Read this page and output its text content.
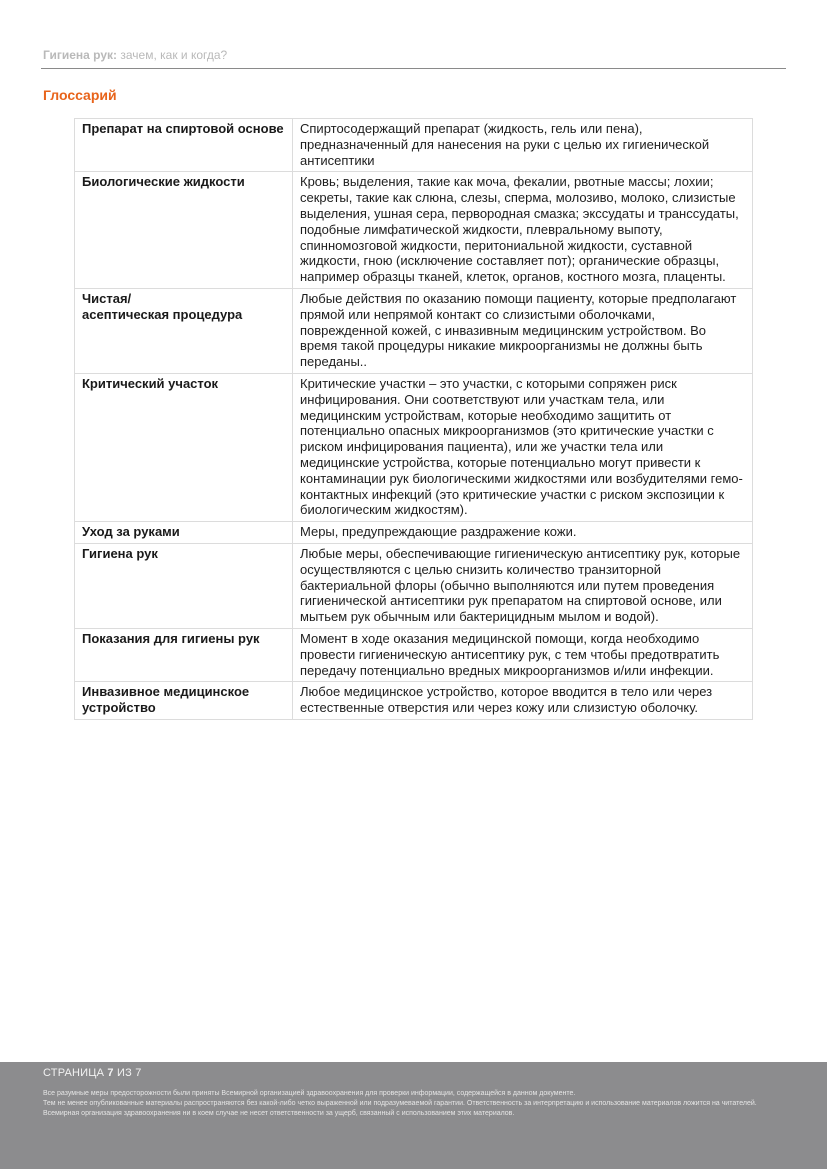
Гигиена рук: зачем, как и когда?
Глоссарий
Препарат на спиртовой основе	Спиртосодержащий препарат (жидкость, гель или пена), предназначенный для нанесения на руки с целью их гигиенической антисептики
Биологические жидкости	Кровь; выделения, такие как моча, фекалии, рвотные массы; лохии; секреты, такие как слюна, слезы, сперма, молозиво, молоко, слизистые выделения, ушная сера, первородная смазка; экссудаты и транссудаты, подобные лимфатической жидкости, плевральному выпоту, спинномозговой жидкости, перитониальной жидкости, суставной жидкости, гною (исключение составляет пот); органические образцы, например образцы тканей, клеток, органов, костного мозга, плаценты.
Чистая/
асептическая процедура	Любые действия по оказанию помощи пациенту, которые предполагают прямой или непрямой контакт со слизистыми оболочками, поврежденной кожей, с инвазивным медицинским устройством. Во время такой процедуры никакие микроорганизмы не должны быть переданы..
Критический участок	Критические участки – это участки, с которыми сопряжен риск инфицирования. Они соответствуют или участкам тела, или медицинским устройствам, которые необходимо защитить от потенциально опасных микроорганизмов (это критические участки с риском инфицирования пациента), или же участки тела или медицинские устройства, которые потенциально могут привести к контаминации рук биологическими жидкостями или возбудителями гемо-контактных инфекций (это критические участки с риском экспозиции к биологическим жидкостям).
Уход за руками	Меры, предупреждающие раздражение кожи.
Гигиена рук	Любые меры, обеспечивающие гигиеническую антисептику рук, которые осуществляются с целью снизить количество транзиторной бактериальной флоры (обычно выполняются или путем проведения гигиенической антисептики рук препаратом на спиртовой основе, или мытьем рук обычным или бактерицидным мылом и водой).
Показания для гигиены рук	Момент в ходе оказания медицинской помощи, когда необходимо провести гигиеническую антисептику рук, с тем чтобы предотвратить передачу потенциально вредных микроорганизмов и/или инфекции.
Инвазивное медицинское устройство	Любое медицинское устройство, которое вводится в тело или через естественные отверстия или через кожу или слизистую оболочку.
СТРАНИЦА 7 ИЗ 7
Все разумные меры предосторожности были приняты Всемирной организацией здравоохранения для проверки информации, содержащейся в данном документе.
Тем не менее опубликованные материалы распространяются без какой-либо четко выраженной или подразумеваемой гарантии. Ответственность за интерпретацию и использование материалов ложится на читателей. Всемирная организация здравоохранения ни в коем случае не несет ответственности за ущерб, связанный с использованием этих материалов.
